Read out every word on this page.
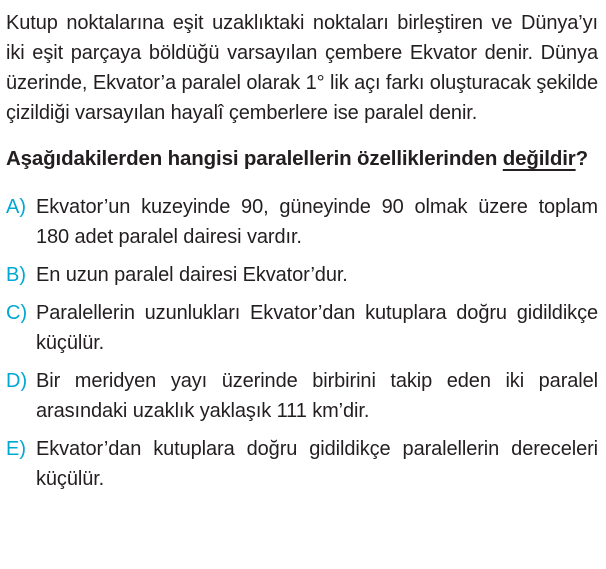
Kutup noktalarına eşit uzaklıktaki noktaları birleştiren ve Dünya’yı iki eşit parçaya böldüğü varsayılan çembere Ekvator denir. Dünya üzerinde, Ekvator’a paralel olarak 1° lik açı farkı oluşturacak şekilde çizildiği varsayılan hayalî çemberlere ise paralel denir.

Aşağıdakilerden hangisi paralellerin özelliklerinden değildir?

A) Ekvator’un kuzeyinde 90, güneyinde 90 olmak üzere toplam 180 adet paralel dairesi vardır.
B) En uzun paralel dairesi Ekvator’dur.
C) Paralellerin uzunlukları Ekvator’dan kutuplara doğru gidildikçe küçülür.
D) Bir meridyen yayı üzerinde birbirini takip eden iki paralel arasındaki uzaklık yaklaşık 111 km’dir.
E) Ekvator’dan kutuplara doğru gidildikçe paralellerin dereceleri küçülür.
